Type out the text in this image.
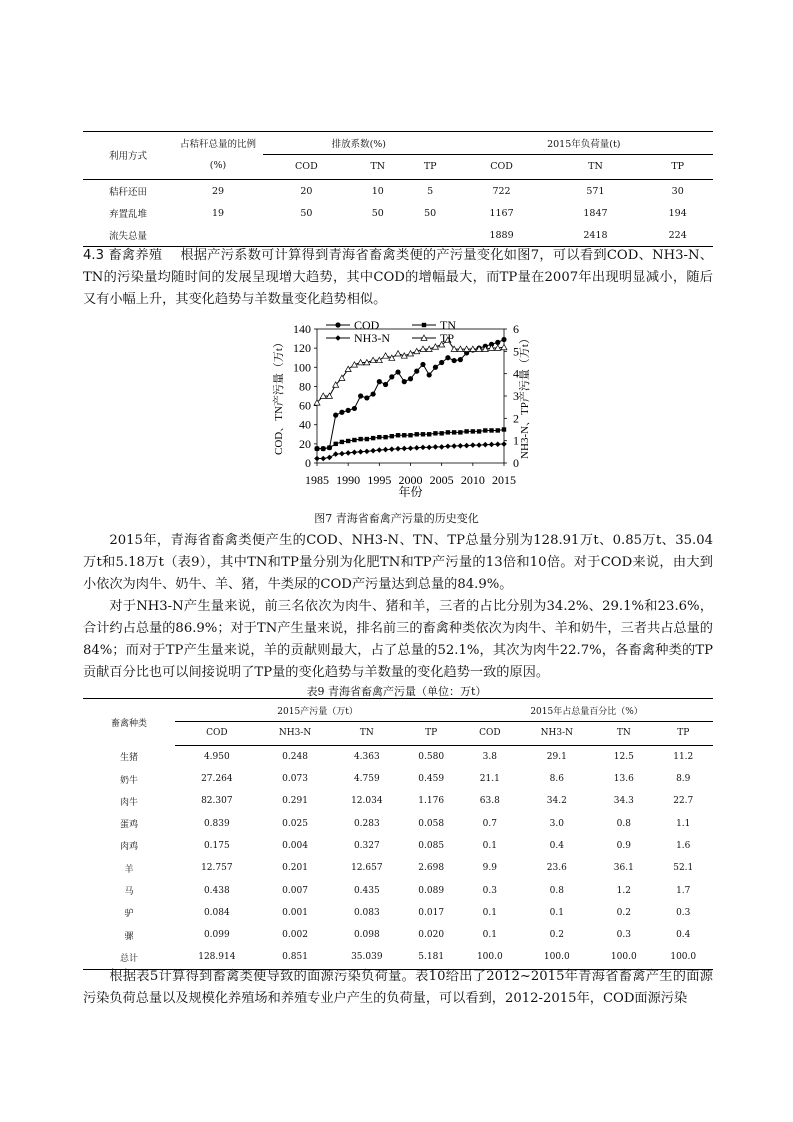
利用方式	占秸秆总量的比例	排放系数(%)			2015年负荷量(t)		
	(%)	COD	TN	TP	COD	TN	TP

秸秆还田	29	20	10	5	722	571	30
弃置乱堆	19	50	50	50	1167	1847	194
流失总量					1889	2418	224

4.3 畜禽养殖 根据产污系数可计算得到青海省畜禽类便的产污量变化如图7，可以看到COD、NH3-N、TN的污染量均随时间的发展呈现增大趋势，其中COD的增幅最大，而TP量在2007年出现明显减小，随后又有小幅上升，其变化趋势与羊数量变化趋势相似。

1985 1990 1995 2000 2005 2010 2015
0
20
40
60
80
100
120
140
0
1
2
3
4
5
6
年份
COD、TN产污量（万t）	NH3-N、TP产污量（万t）
COD	TN
NH3-N	TP
图7 青海省畜禽产污量的历史变化

2015年，青海省畜禽类便产生的COD、NH3-N、TN、TP总量分别为128.91万t、0.85万t、35.04万t和5.18万t（表9），其中TN和TP量分别为化肥TN和TP产污量的13倍和10倍。对于COD来说，由大到小依次为肉牛、奶牛、羊、猪，牛类尿的COD产污量达到总量的84.9%。

对于NH3-N产生量来说，前三名依次为肉牛、猪和羊，三者的占比分别为34.2%、29.1%和23.6%，合计约占总量的86.9%；对于TN产生量来说，排名前三的畜禽种类依次为肉牛、羊和奶牛，三者共占总量的84%；而对于TP产生量来说，羊的贡献则最大，占了总量的52.1%，其次为肉牛22.7%，各畜禽种类的TP贡献百分比也可以间接说明了TP量的变化趋势与羊数量的变化趋势一致的原因。

表9 青海省畜禽产污量（单位：万t）
畜禽种类	2015产污量（万t）				2015年占总量百分比（%）			
	COD	NH3-N	TN	TP	COD	NH3-N	TN	TP
生猪	4.950	0.248	4.363	0.580	3.8	29.1	12.5	11.2
奶牛	27.264	0.073	4.759	0.459	21.1	8.6	13.6	8.9
肉牛	82.307	0.291	12.034	1.176	63.8	34.2	34.3	22.7
蛋鸡	0.839	0.025	0.283	0.058	0.7	3.0	0.8	1.1
肉鸡	0.175	0.004	0.327	0.085	0.1	0.4	0.9	1.6
羊	12.757	0.201	12.657	2.698	9.9	23.6	36.1	52.1
马	0.438	0.007	0.435	0.089	0.3	0.8	1.2	1.7
驴	0.084	0.001	0.083	0.017	0.1	0.1	0.2	0.3
骡	0.099	0.002	0.098	0.020	0.1	0.2	0.3	0.4
总计	128.914	0.851	35.039	5.181	100.0	100.0	100.0	100.0

根据表5计算得到畜禽类便导致的面源污染负荷量。表10给出了2012~2015年青海省畜禽产生的面源污染负荷总量以及规模化养殖场和养殖专业户产生的负荷量，可以看到，2012-2015年，COD面源污染
